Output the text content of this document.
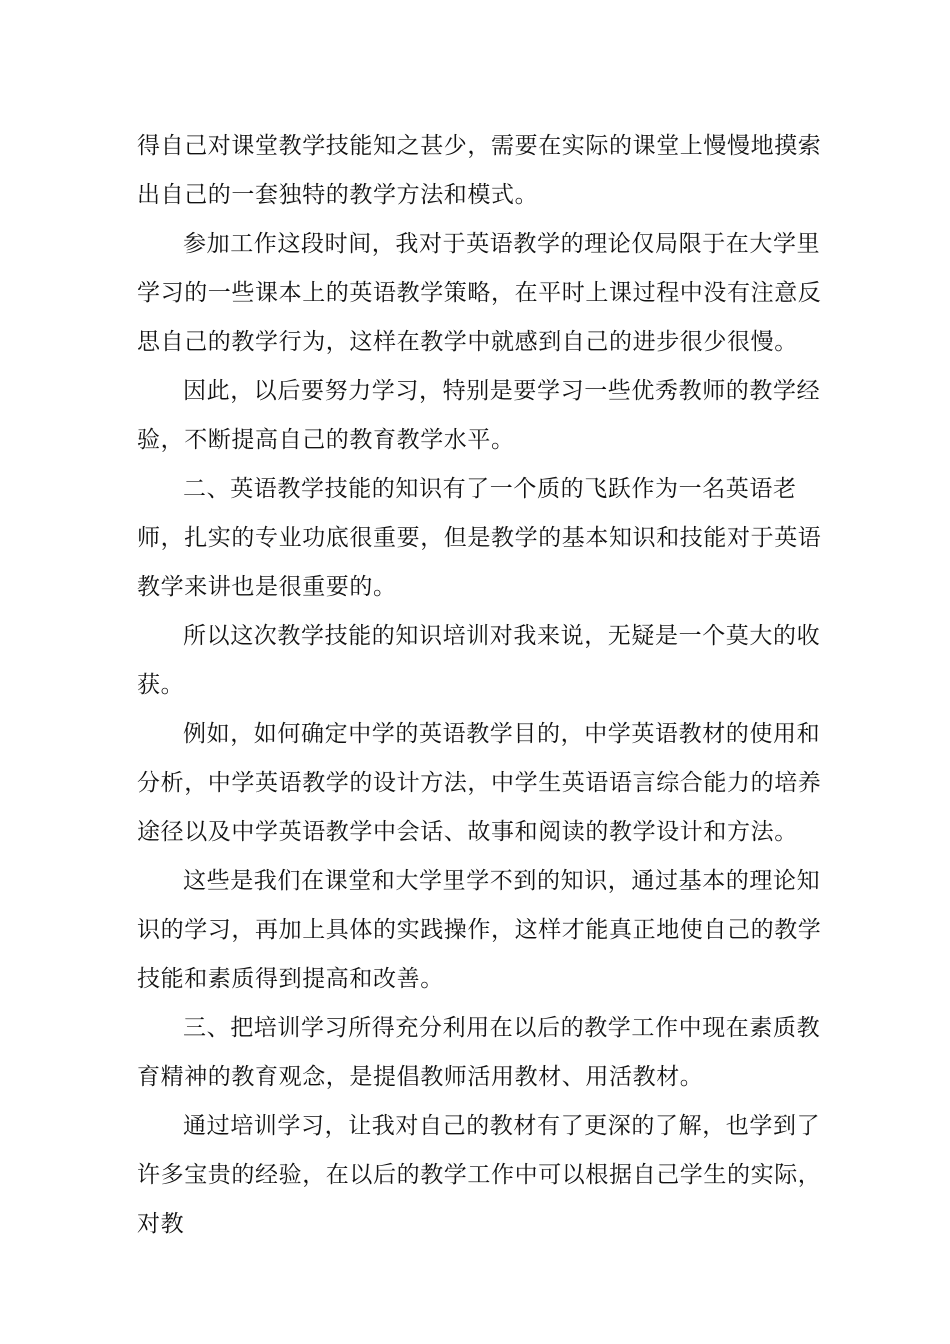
得自己对课堂教学技能知之甚少，需要在实际的课堂上慢慢地摸索出自己的一套独特的教学方法和模式。

参加工作这段时间，我对于英语教学的理论仅局限于在大学里学习的一些课本上的英语教学策略，在平时上课过程中没有注意反思自己的教学行为，这样在教学中就感到自己的进步很少很慢。

因此，以后要努力学习，特别是要学习一些优秀教师的教学经验，不断提高自己的教育教学水平。

二、英语教学技能的知识有了一个质的飞跃作为一名英语老师，扎实的专业功底很重要，但是教学的基本知识和技能对于英语教学来讲也是很重要的。

所以这次教学技能的知识培训对我来说，无疑是一个莫大的收获。

例如，如何确定中学的英语教学目的，中学英语教材的使用和分析，中学英语教学的设计方法，中学生英语语言综合能力的培养途径以及中学英语教学中会话、故事和阅读的教学设计和方法。

这些是我们在课堂和大学里学不到的知识，通过基本的理论知识的学习，再加上具体的实践操作，这样才能真正地使自己的教学技能和素质得到提高和改善。

三、把培训学习所得充分利用在以后的教学工作中现在素质教育精神的教育观念，是提倡教师活用教材、用活教材。

通过培训学习，让我对自己的教材有了更深的了解，也学到了许多宝贵的经验，在以后的教学工作中可以根据自己学生的实际，对教
